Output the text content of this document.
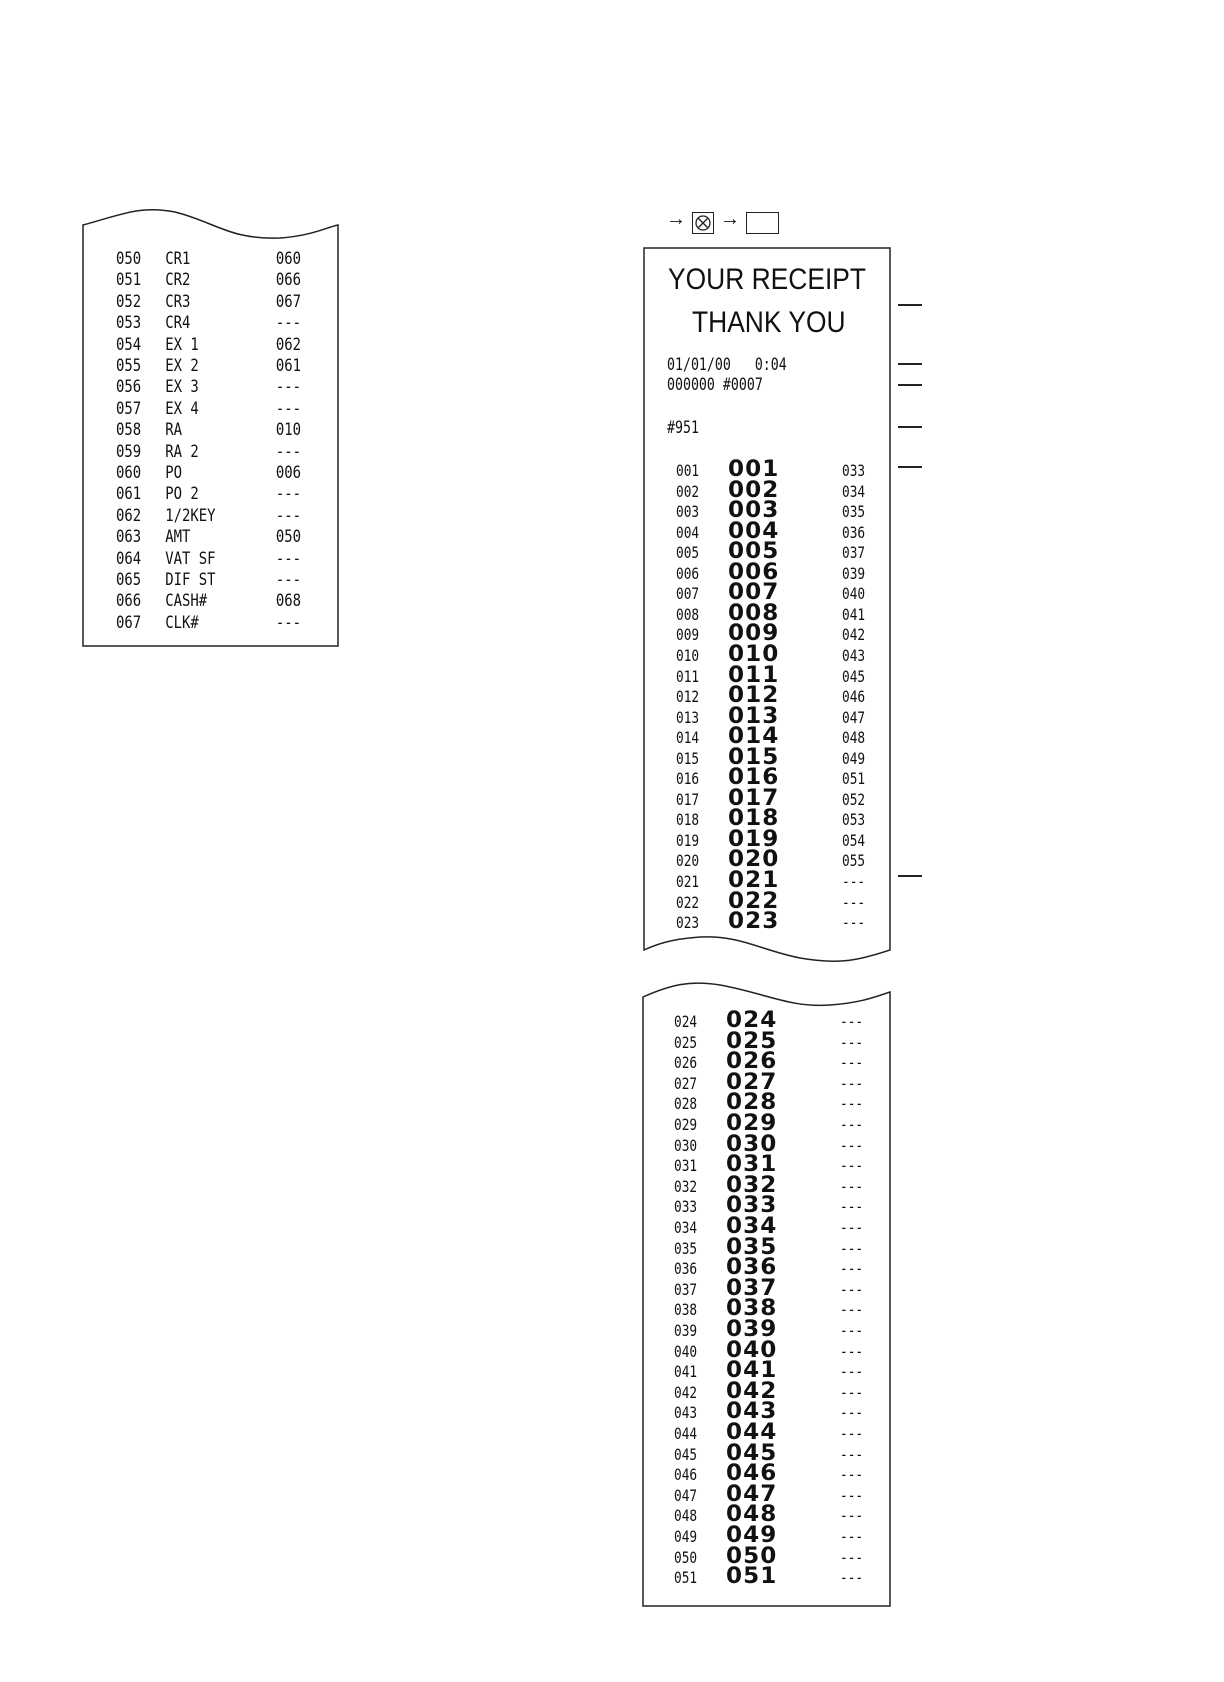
050 CR1	060
051 CR2	066
052 CR3	067
053 CR4	---
054 EX 1	062
055 EX 2	061
056 EX 3	---
057 EX 4	---
058 RA	010
059 RA 2	---
060 PO	006
061 PO 2	---
062 1/2KEY	---
063 AMT	050
064 VAT SF	---
065 DIF ST	---
066 CASH#	068
067 CLK#	---
→ →
YOUR RECEIPT
THANK YOU
01/01/00   0:04
000000 #0007
#951
001 001	033
002 002	034
003 003	035
004 004	036
005 005	037
006 006	039
007 007	040
008 008	041
009 009	042
010 010	043
011 011	045
012 012	046
013 013	047
014 014	048
015 015	049
016 016	051
017 017	052
018 018	053
019 019	054
020 020	055
021 021	---
022 022	---
023 023	---
024 024	---
025 025	---
026 026	---
027 027	---
028 028	---
029 029	---
030 030	---
031 031	---
032 032	---
033 033	---
034 034	---
035 035	---
036 036	---
037 037	---
038 038	---
039 039	---
040 040	---
041 041	---
042 042	---
043 043	---
044 044	---
045 045	---
046 046	---
047 047	---
048 048	---
049 049	---
050 050	---
051 051	---
